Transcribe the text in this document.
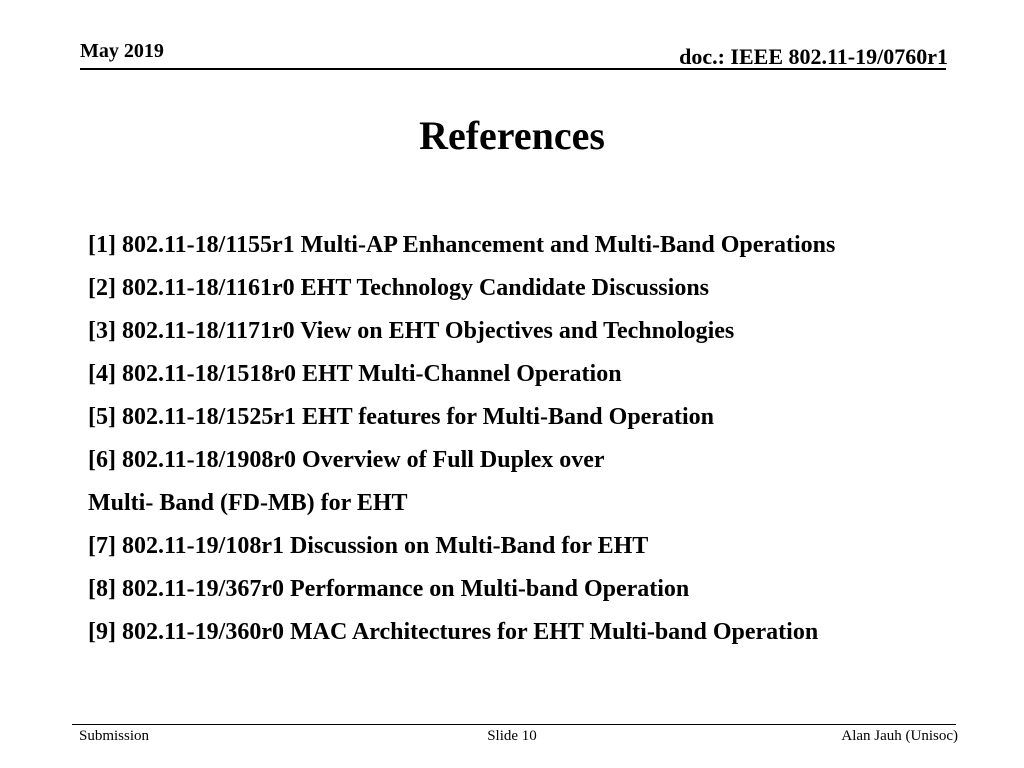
May 2019	doc.: IEEE 802.11-19/0760r1
References
[1] 802.11-18/1155r1 Multi-AP Enhancement and Multi-Band Operations
[2] 802.11-18/1161r0 EHT Technology Candidate Discussions
[3] 802.11-18/1171r0 View on EHT Objectives and Technologies
[4] 802.11-18/1518r0 EHT Multi-Channel Operation
[5] 802.11-18/1525r1 EHT features for Multi-Band Operation
[6] 802.11-18/1908r0 Overview of Full Duplex over
Multi- Band (FD-MB) for EHT
[7] 802.11-19/108r1 Discussion on Multi-Band for EHT
[8] 802.11-19/367r0 Performance on Multi-band Operation
[9] 802.11-19/360r0 MAC Architectures for EHT Multi-band Operation
Submission	Slide 10	Alan Jauh (Unisoc)
